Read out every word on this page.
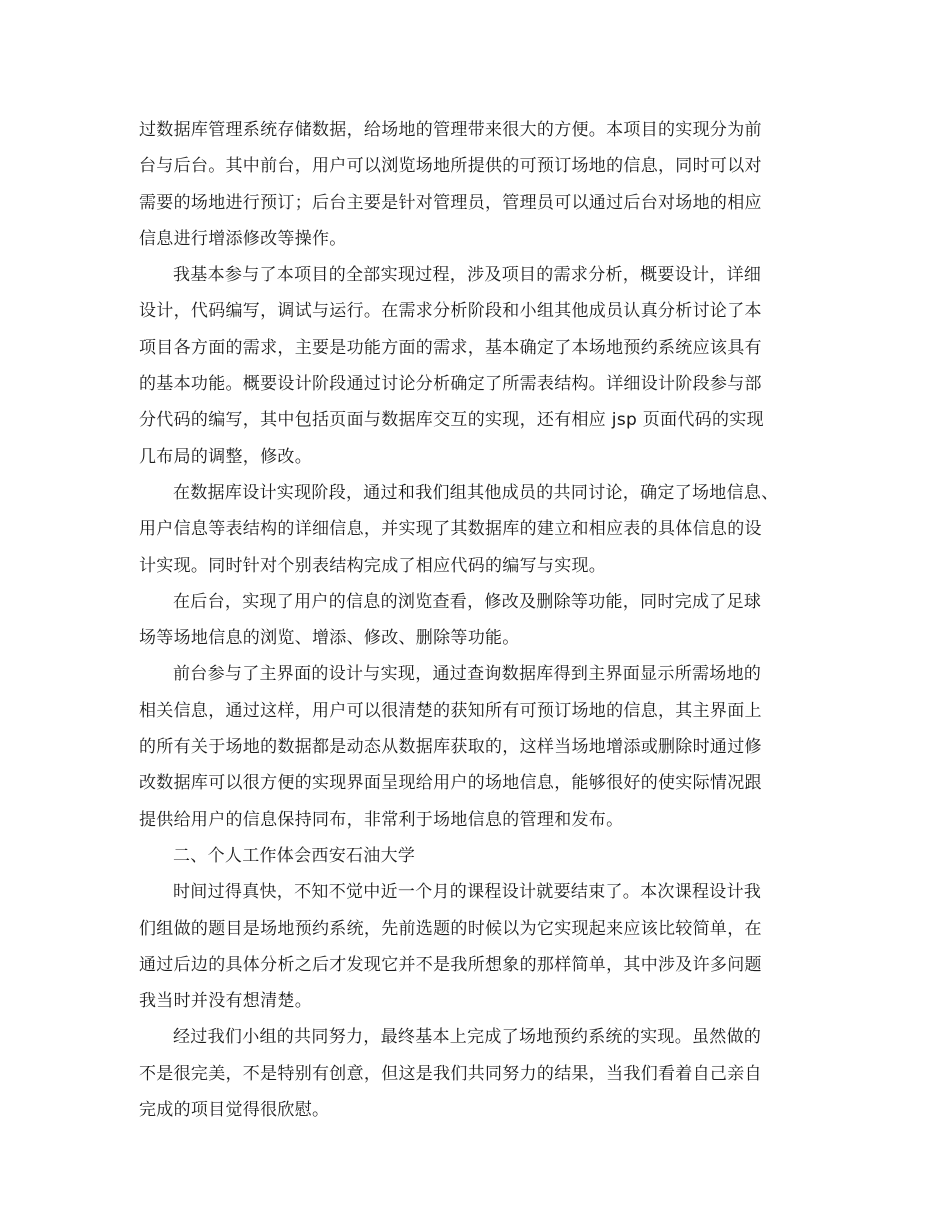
过数据库管理系统存储数据，给场地的管理带来很大的方便。本项目的实现分为前
台与后台。其中前台，用户可以浏览场地所提供的可预订场地的信息，同时可以对
需要的场地进行预订；后台主要是针对管理员，管理员可以通过后台对场地的相应
信息进行增添修改等操作。
我基本参与了本项目的全部实现过程，涉及项目的需求分析，概要设计，详细
设计，代码编写，调试与运行。在需求分析阶段和小组其他成员认真分析讨论了本
项目各方面的需求，主要是功能方面的需求，基本确定了本场地预约系统应该具有
的基本功能。概要设计阶段通过讨论分析确定了所需表结构。详细设计阶段参与部
分代码的编写，其中包括页面与数据库交互的实现，还有相应 jsp 页面代码的实现
几布局的调整，修改。
在数据库设计实现阶段，通过和我们组其他成员的共同讨论，确定了场地信息、
用户信息等表结构的详细信息，并实现了其数据库的建立和相应表的具体信息的设
计实现。同时针对个别表结构完成了相应代码的编写与实现。
在后台，实现了用户的信息的浏览查看，修改及删除等功能，同时完成了足球
场等场地信息的浏览、增添、修改、删除等功能。
前台参与了主界面的设计与实现，通过查询数据库得到主界面显示所需场地的
相关信息，通过这样，用户可以很清楚的获知所有可预订场地的信息，其主界面上
的所有关于场地的数据都是动态从数据库获取的，这样当场地增添或删除时通过修
改数据库可以很方便的实现界面呈现给用户的场地信息，能够很好的使实际情况跟
提供给用户的信息保持同布，非常利于场地信息的管理和发布。
二、个人工作体会西安石油大学
时间过得真快，不知不觉中近一个月的课程设计就要结束了。本次课程设计我
们组做的题目是场地预约系统，先前选题的时候以为它实现起来应该比较简单，在
通过后边的具体分析之后才发现它并不是我所想象的那样简单，其中涉及许多问题
我当时并没有想清楚。
经过我们小组的共同努力，最终基本上完成了场地预约系统的实现。虽然做的
不是很完美，不是特别有创意，但这是我们共同努力的结果，当我们看着自己亲自
完成的项目觉得很欣慰。
